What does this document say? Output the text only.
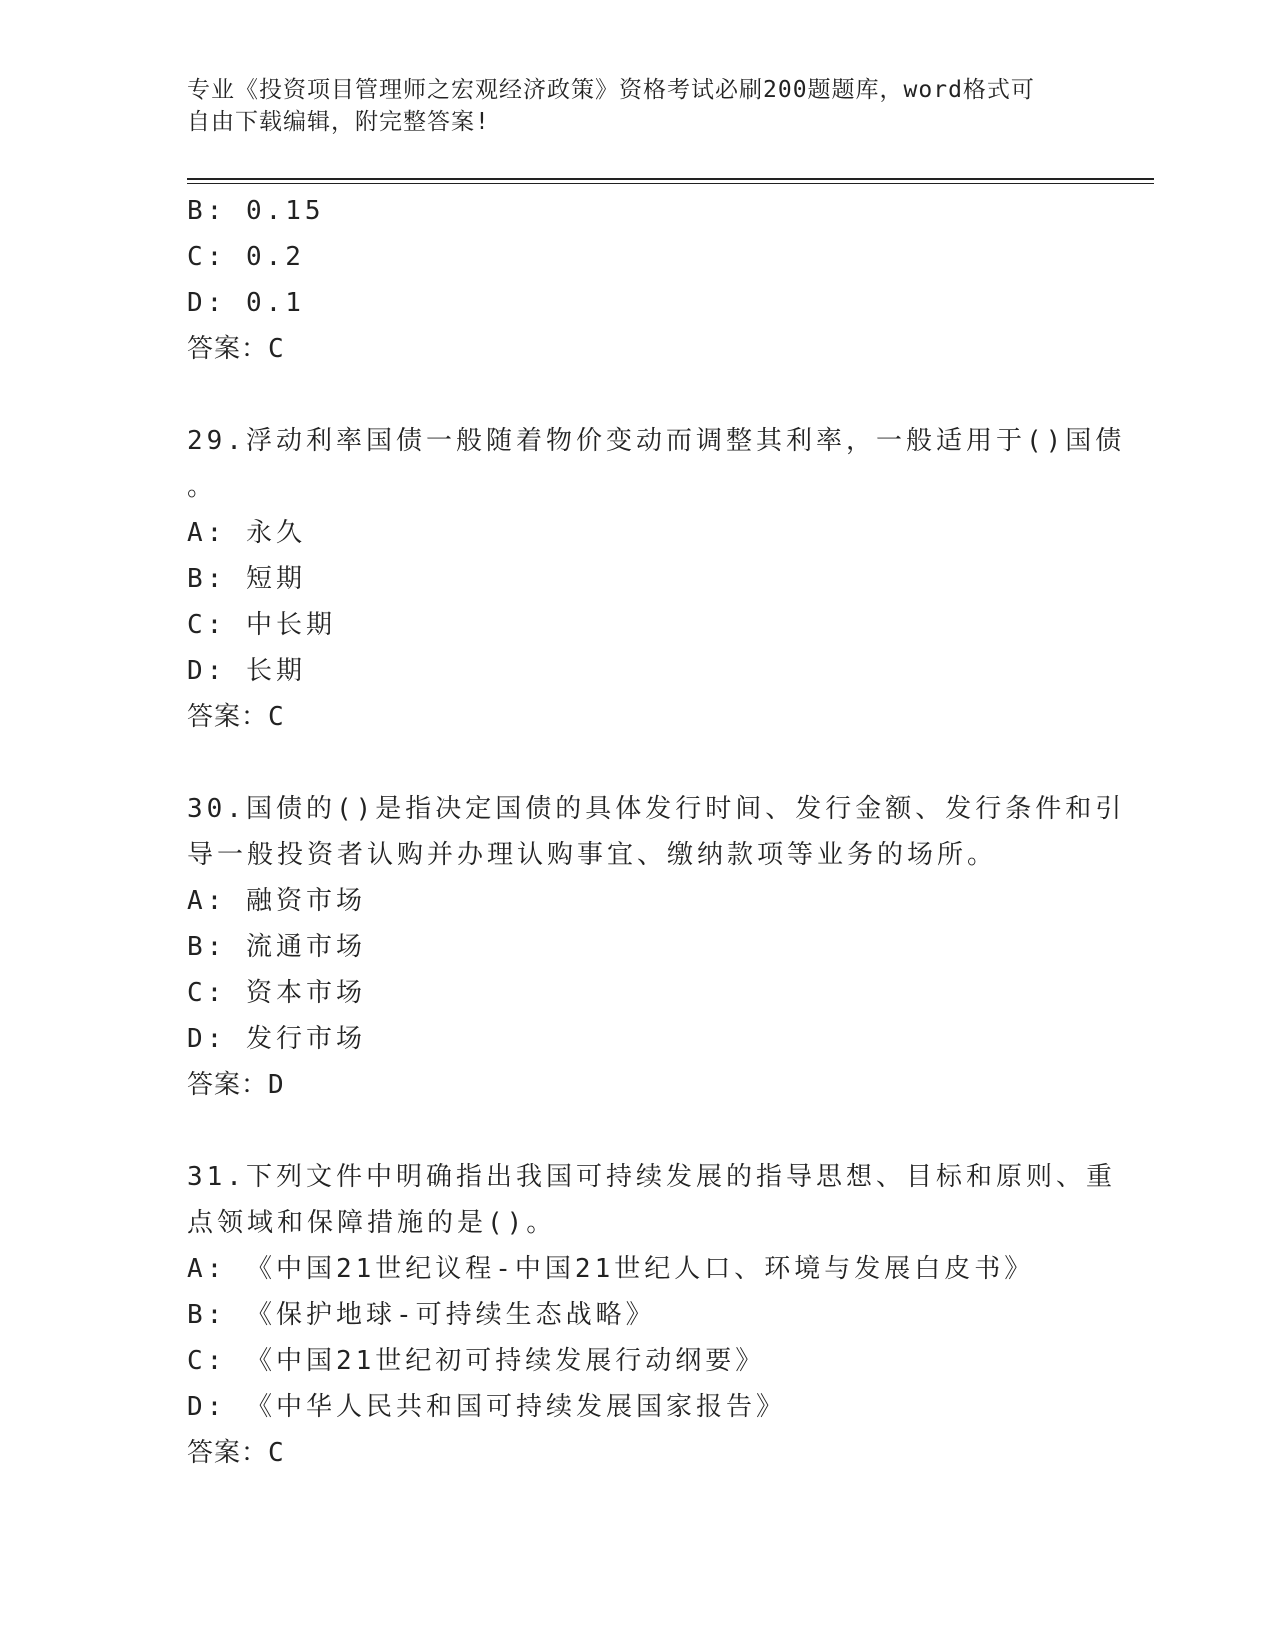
专业《投资项目管理师之宏观经济政策》资格考试必刷200题题库，word格式可
自由下载编辑，附完整答案!
B: 0.15
C: 0.2
D: 0.1
答案：C
29.浮动利率国债一般随着物价变动而调整其利率，一般适用于()国债
。
A: 永久
B: 短期
C: 中长期
D: 长期
答案：C
30.国债的()是指决定国债的具体发行时间、发行金额、发行条件和引
导一般投资者认购并办理认购事宜、缴纳款项等业务的场所。
A: 融资市场
B: 流通市场
C: 资本市场
D: 发行市场
答案：D
31.下列文件中明确指出我国可持续发展的指导思想、目标和原则、重
点领域和保障措施的是()。
A: 《中国21世纪议程-中国21世纪人口、环境与发展白皮书》
B: 《保护地球-可持续生态战略》
C: 《中国21世纪初可持续发展行动纲要》
D: 《中华人民共和国可持续发展国家报告》
答案：C
